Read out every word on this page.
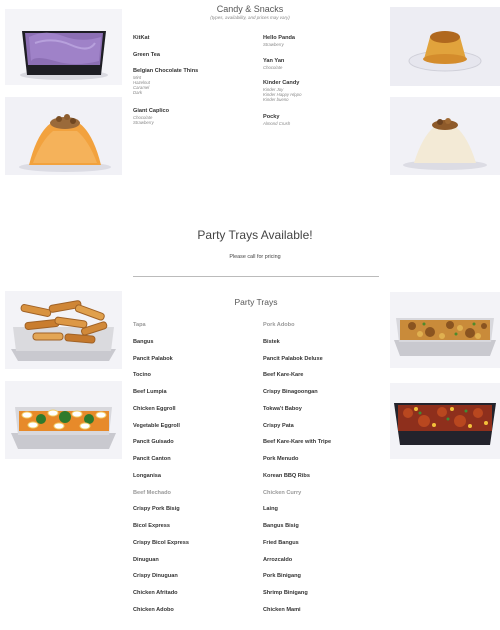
Candy & Snacks
(types, availability, and prices may vary)
KitKat
Green Tea
Belgian Chocolate Thins
Mint
Hazelnut
Caramel
Dark
Giant Caplico
Chocolate
Strawberry
Hello Panda
Strawberry
Yan Yan
Chocolate
Kinder Candy
Kinder Joy
Kinder Happy Hippo
Kinder bueno
Pocky
Almond Crush
Party Trays Available!
Please call for pricing
Party Trays
Tapa
Bangus
Pancit Palabok
Tocino
Beef Lumpia
Chicken Eggroll
Vegetable Eggroll
Pancit Guisado
Pancit Canton
Longanisa
Beef Mechado
Crispy Pork Bisig
Bicol Express
Crispy Bicol Express
Dinuguan
Crispy Dinuguan
Chicken Afritado
Chicken Adobo
Pork Adobo
Bistek
Pancit Palabok Deluxe
Beef Kare-Kare
Crispy Binagoongan
Tokwa't Baboy
Crispy Pata
Beef Kare-Kare with Tripe
Pork Menudo
Korean BBQ Ribs
Chicken Curry
Laing
Bangus Bisig
Fried Bangus
Arrozcaldo
Pork Binigang
Shrimp Binigang
Chicken Mami
